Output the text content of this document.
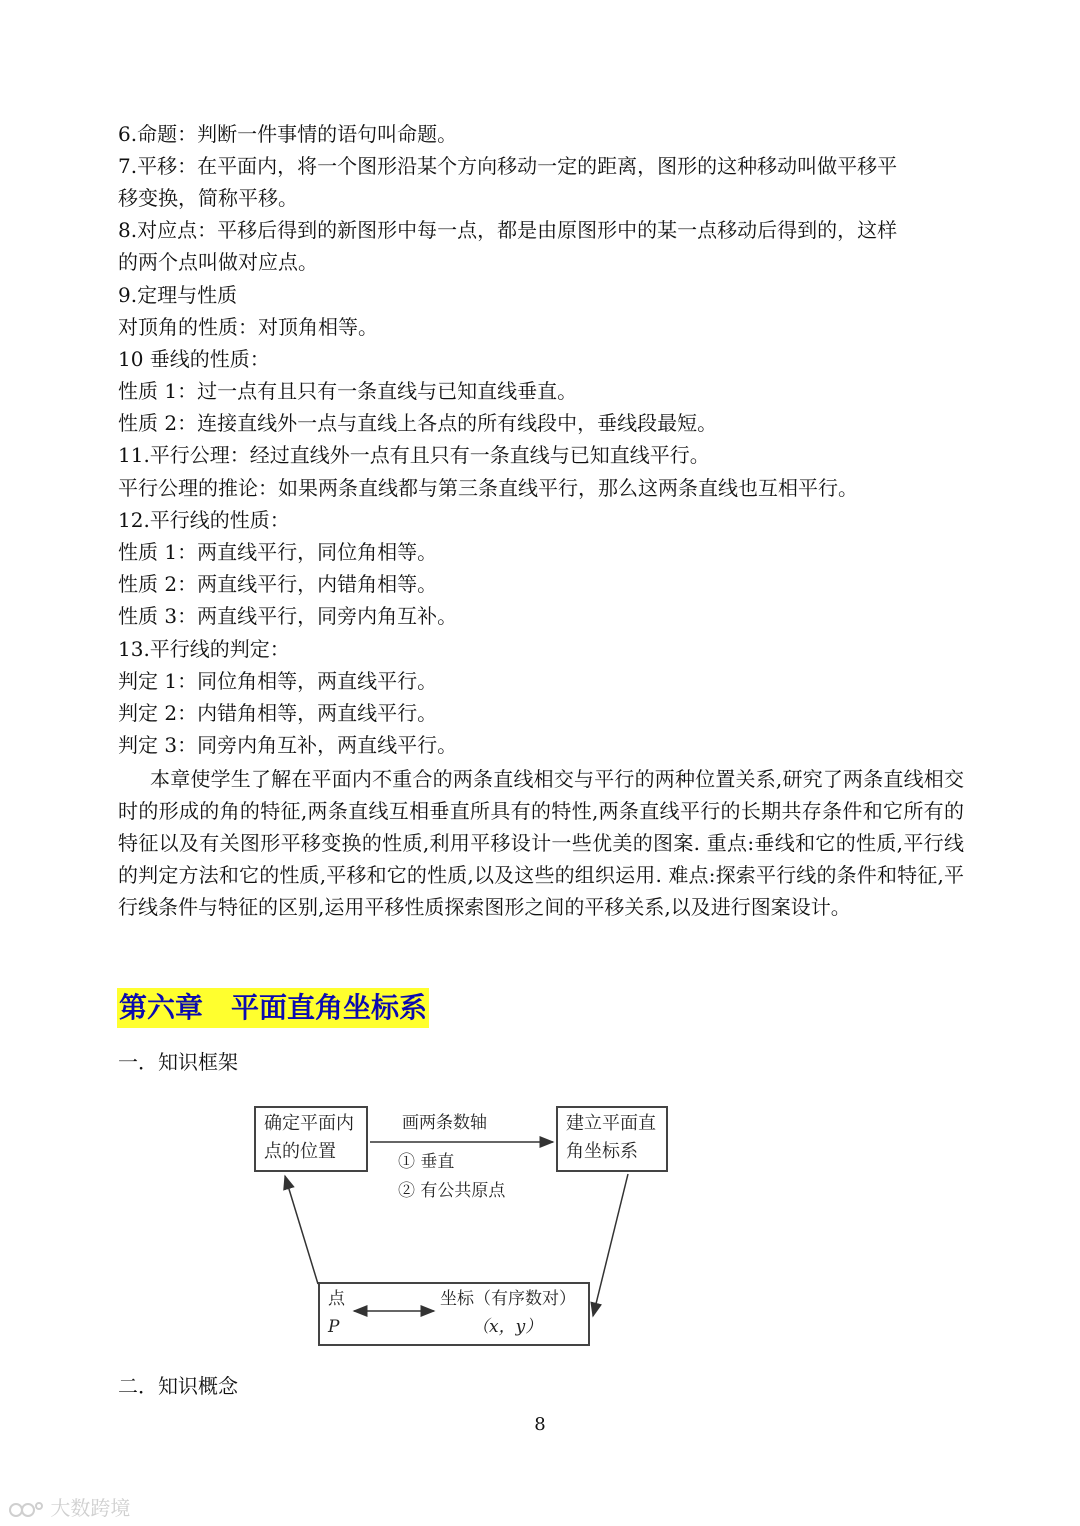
6.命题：判断一件事情的语句叫命题。
7.平移：在平面内，将一个图形沿某个方向移动一定的距离，图形的这种移动叫做平移平
移变换，简称平移。
8.对应点：平移后得到的新图形中每一点，都是由原图形中的某一点移动后得到的，这样
的两个点叫做对应点。
9.定理与性质
对顶角的性质：对顶角相等。
10 垂线的性质：
性质 1：过一点有且只有一条直线与已知直线垂直。
性质 2：连接直线外一点与直线上各点的所有线段中，垂线段最短。
11.平行公理：经过直线外一点有且只有一条直线与已知直线平行。
平行公理的推论：如果两条直线都与第三条直线平行，那么这两条直线也互相平行。
12.平行线的性质：
性质 1：两直线平行，同位角相等。
性质 2：两直线平行，内错角相等。
性质 3：两直线平行，同旁内角互补。
13.平行线的判定：
判定 1：同位角相等，两直线平行。
判定 2：内错角相等，两直线平行。
判定 3：同旁内角互补，两直线平行。
本章使学生了解在平面内不重合的两条直线相交与平行的两种位置关系,研究了两条直线相交时的形成的角的特征,两条直线互相垂直所具有的特性,两条直线平行的长期共存条件和它所有的特征以及有关图形平移变换的性质,利用平移设计一些优美的图案. 重点:垂线和它的性质,平行线的判定方法和它的性质,平移和它的性质,以及这些的组织运用. 难点:探索平行线的条件和特征,平行线条件与特征的区别,运用平移性质探索图形之间的平移关系,以及进行图案设计。
第六章　平面直角坐标系
一．知识框架
确定平面内
点的位置
建立平面直
角坐标系
点
P
坐标（有序数对）
（x，y）
画两条数轴
① 垂直
② 有公共原点
二．知识概念
8
大数跨境
